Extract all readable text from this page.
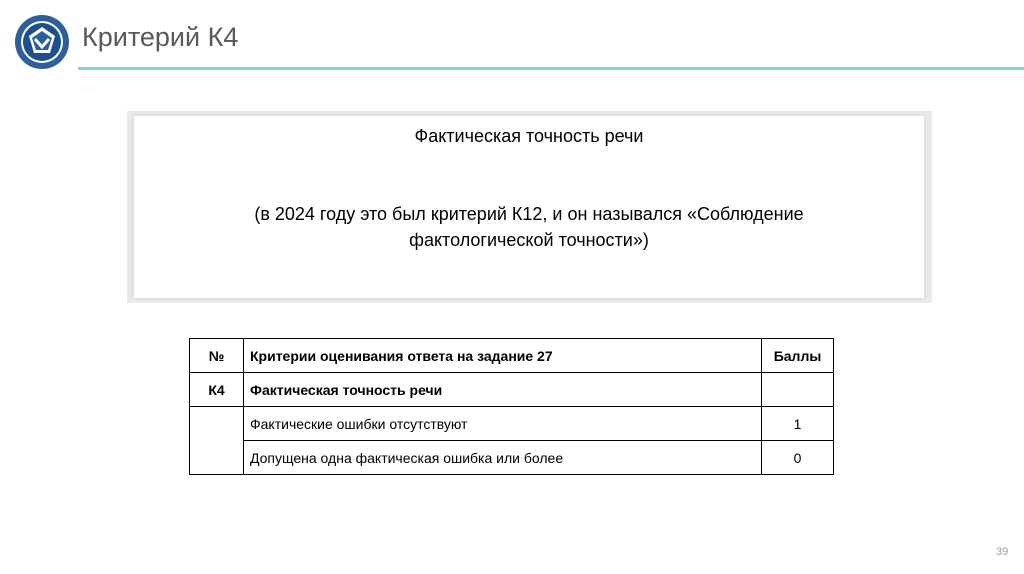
Критерий К4
Фактическая точность речи
(в 2024 году это был критерий К12, и он назывался «Соблюдение
фактологической точности»)
№	Критерии оценивания ответа на задание 27	Баллы
К4	Фактическая точность речи	
	Фактические ошибки отсутствуют	1
	Допущена одна фактическая ошибка или более	0
39
